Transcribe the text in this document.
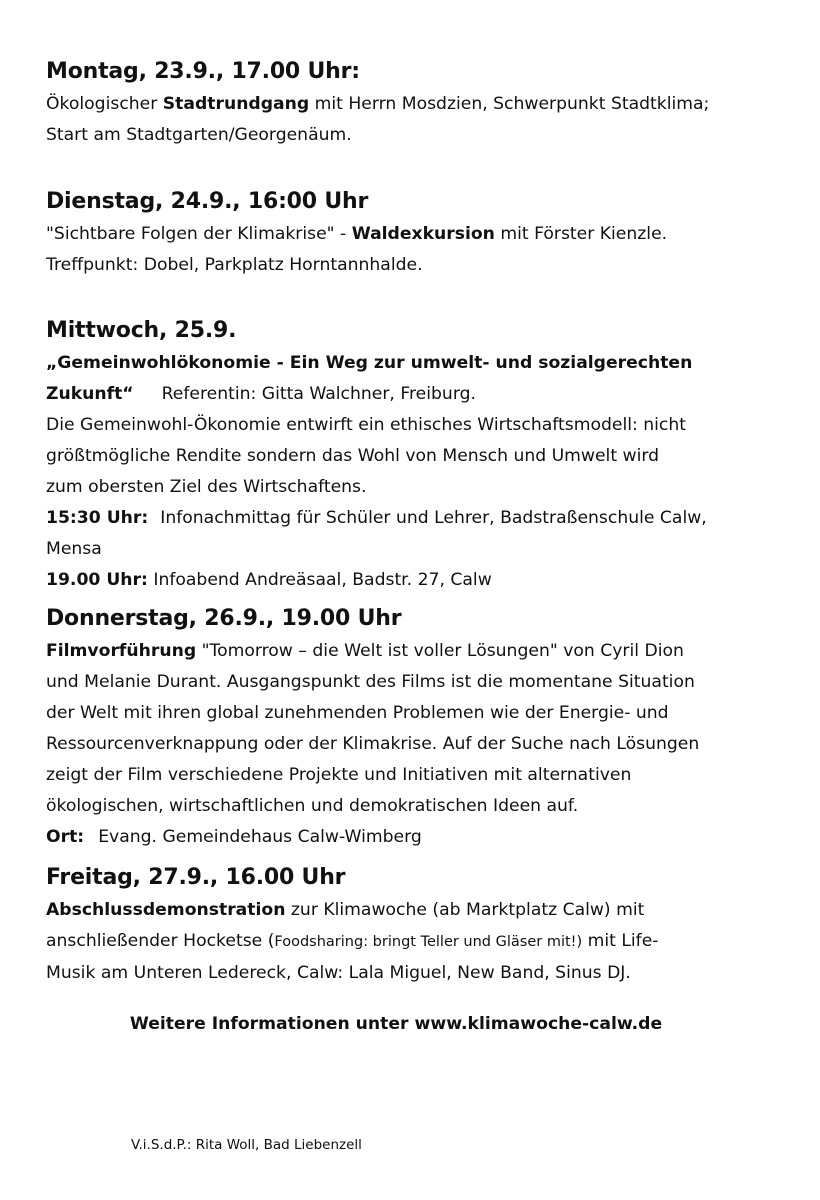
Montag, 23.9., 17.00 Uhr:

Ökologischer Stadtrundgang mit Herrn Mosdzien, Schwerpunkt Stadtklima;

Start am Stadtgarten/Georgenäum.

Dienstag, 24.9., 16:00 Uhr

"Sichtbare Folgen der Klimakrise" - Waldexkursion mit Förster Kienzle.

Treffpunkt: Dobel, Parkplatz Horntannhalde.

Mittwoch, 25.9.

„Gemeinwohlökonomie - Ein Weg zur umwelt- und sozialgerechten

Zukunft“ Referentin: Gitta Walchner, Freiburg.

Die Gemeinwohl-Ökonomie entwirft ein ethisches Wirtschaftsmodell: nicht

größtmögliche Rendite sondern das Wohl von Mensch und Umwelt wird

zum obersten Ziel des Wirtschaftens.

15:30 Uhr: Infonachmittag für Schüler und Lehrer, Badstraßenschule Calw,

Mensa

19.00 Uhr: Infoabend Andreäsaal, Badstr. 27, Calw

Donnerstag, 26.9., 19.00 Uhr

Filmvorführung "Tomorrow – die Welt ist voller Lösungen" von Cyril Dion

und Melanie Durant. Ausgangspunkt des Films ist die momentane Situation

der Welt mit ihren global zunehmenden Problemen wie der Energie- und

Ressourcenverknappung oder der Klimakrise. Auf der Suche nach Lösungen

zeigt der Film verschiedene Projekte und Initiativen mit alternativen

ökologischen, wirtschaftlichen und demokratischen Ideen auf.

Ort: Evang. Gemeindehaus Calw-Wimberg

Freitag, 27.9., 16.00 Uhr

Abschlussdemonstration zur Klimawoche (ab Marktplatz Calw) mit

anschließender Hocketse (Foodsharing: bringt Teller und Gläser mit!) mit Life-

Musik am Unteren Ledereck, Calw: Lala Miguel, New Band, Sinus DJ.

Weitere Informationen unter www.klimawoche-calw.de
V.i.S.d.P.: Rita Woll, Bad Liebenzell
